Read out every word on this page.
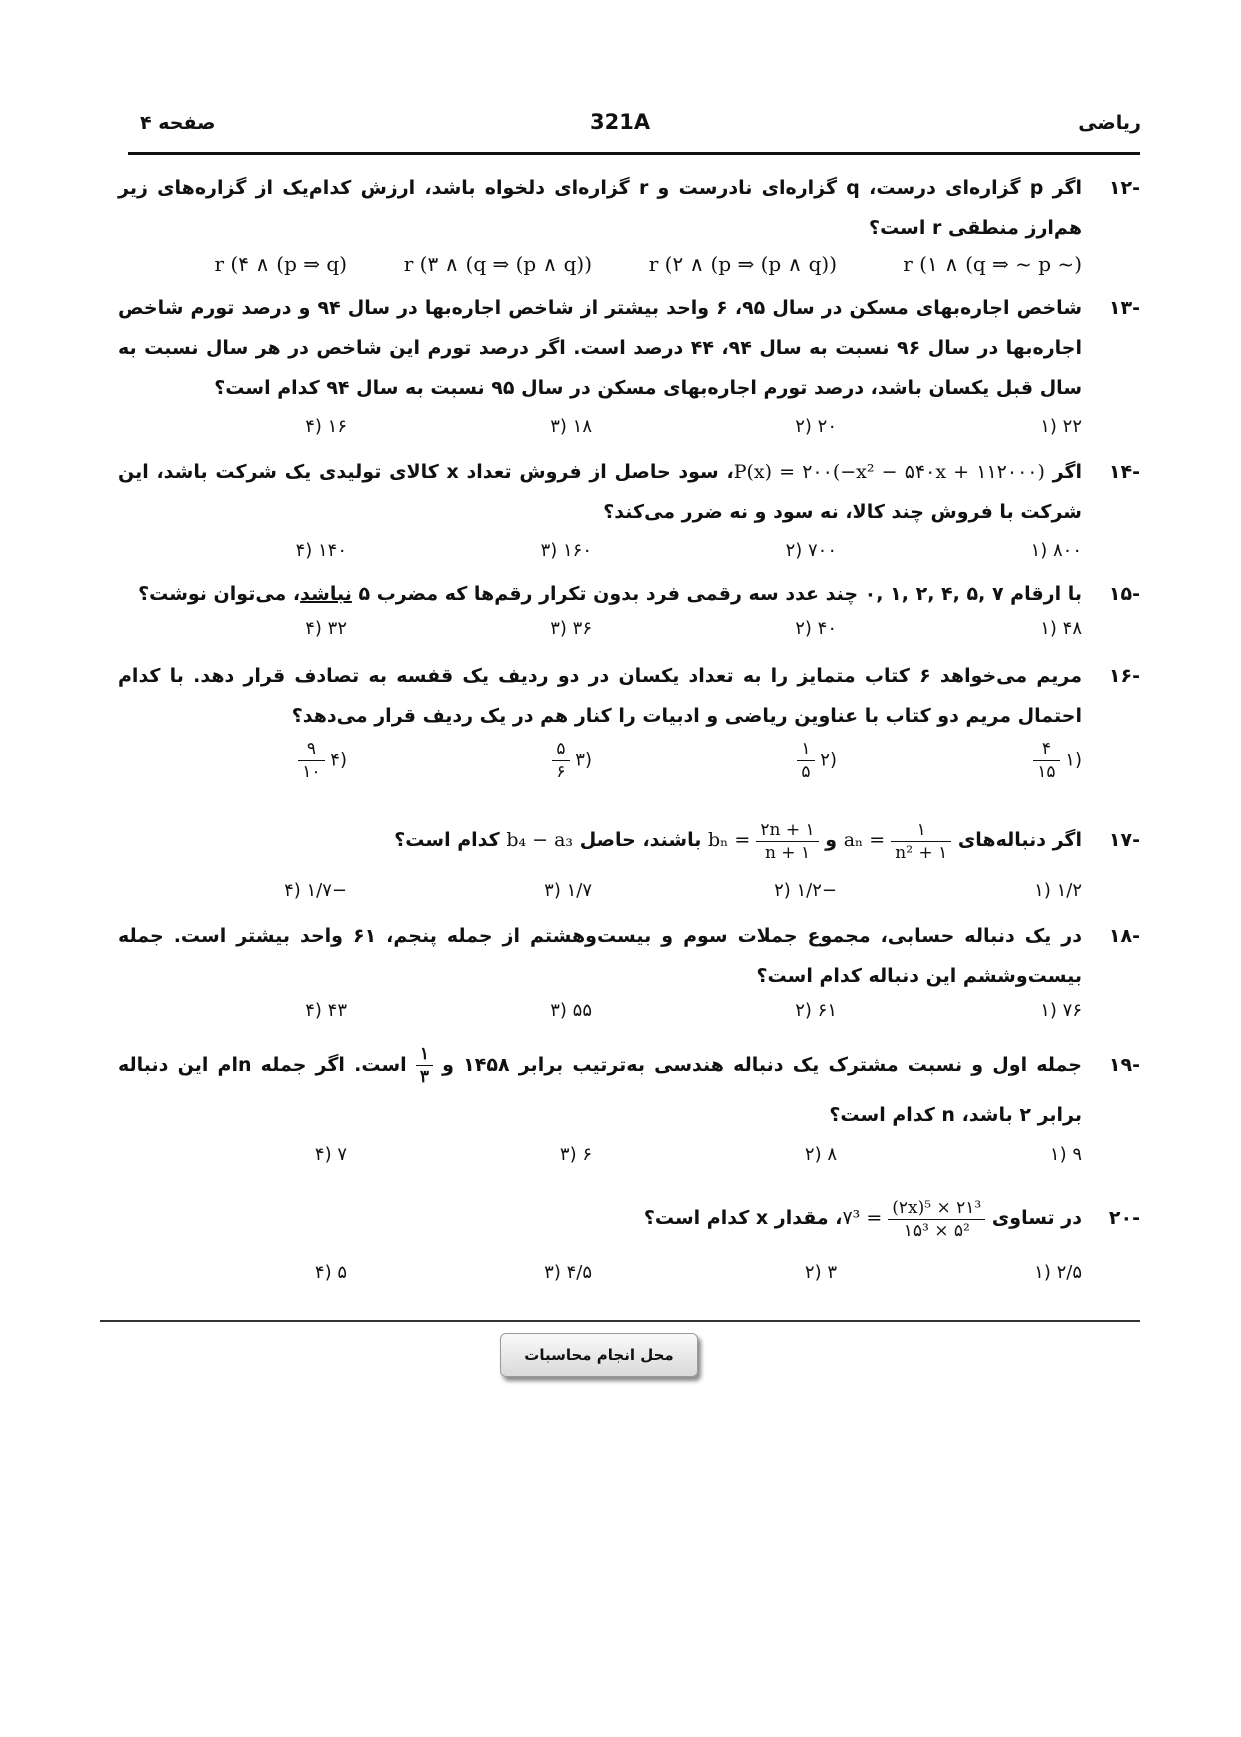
صفحه ۴	321A	ریاضی
-۱۲
اگر p گزاره‌ای درست، q گزاره‌ای نادرست و r گزاره‌ای دلخواه باشد، ارزش کدام‌یک از گزاره‌های زیر هم‌ارز منطقی r است؟
(~ q ⇒ ~ p) ∧ r ‎(۱
(p ⇒ (p ∧ q)) ∧ r ‎(۲
(q ⇒ (p ∧ q)) ∧ r ‎(۳
(p ⇒ q) ∧ r ‎(۴
-۱۳
شاخص اجاره‌بهای مسکن در سال ۹۵، ۶ واحد بیشتر از شاخص اجاره‌بها در سال ۹۴ و درصد تورم شاخص اجاره‌بها در سال ۹۶ نسبت به سال ۹۴، ۴۴ درصد است. اگر درصد تورم این شاخص در هر سال نسبت به سال قبل یکسان باشد، درصد تورم اجاره‌بهای مسکن در سال ۹۵ نسبت به سال ۹۴ کدام است؟
۲۲ (۱
۲۰ (۲
۱۸ (۳
۱۶ (۴
-۱۴
اگر P(x) = ۲۰۰(−x² − ۵۴۰x + ۱۱۲۰۰۰)، سود حاصل از فروش تعداد x کالای تولیدی یک شرکت باشد، این شرکت با فروش چند کالا، نه سود و نه ضرر می‌کند؟
۸۰۰ (۱
۷۰۰ (۲
۱۶۰ (۳
۱۴۰ (۴
-۱۵
با ارقام ۷ ,۵ ,۴ ,۲ ,۱ ,۰ چند عدد سه رقمی فرد بدون تکرار رقم‌ها که مضرب ۵ نباشد، می‌توان نوشت؟
۴۸ (۱
۴۰ (۲
۳۶ (۳
۳۲ (۴
-۱۶
مریم می‌خواهد ۶ کتاب متمایز را به تعداد یکسان در دو ردیف یک قفسه به تصادف قرار دهد. با کدام احتمال مریم دو کتاب با عناوین ریاضی و ادبیات را کنار هم در یک ردیف قرار می‌دهد؟
(۱
$\frac{۴}{۱۵}$
(۲
$\frac{۱}{۵}$
(۳
$\frac{۵}{۶}$
(۴
$\frac{۹}{۱۰}$
-۱۷
اگر دنباله‌های $a_n = \frac{۱}{\text{n² + ۱}}$
و $b_n = \frac{۲n + ۱}{n + ۱}$
باشند، حاصل b₄ − a₃ کدام است؟
۱/۲ (۱
−۱/۲ (۲
۱/۷ (۳
−۱/۷ (۴
-۱۸
در یک دنباله حسابی، مجموع جملات سوم و بیست‌وهشتم از جمله پنجم، ۶۱ واحد بیشتر است. جمله بیست‌وششم این دنباله کدام است؟
۷۶ (۱
۶۱ (۲
۵۵ (۳
۴۳ (۴
-۱۹
جمله اول و نسبت مشترک یک دنباله هندسی به‌ترتیب برابر ۱۴۵۸ و
$\frac{۱}{۳}$
است. اگر جمله nام این دنباله برابر ۲ باشد، n کدام است؟
۹ (۱
۸ (۲
۶ (۳
۷ (۴
-۲۰
در تساوی ۷³ = $\frac{\text{(۲x)⁵ × ۲۱³}}{\text{۱۵³ × ۵²}}$
، مقدار x کدام است؟
۲/۵ (۱
۳ (۲
۴/۵ (۳
۵ (۴
محل انجام محاسبات
